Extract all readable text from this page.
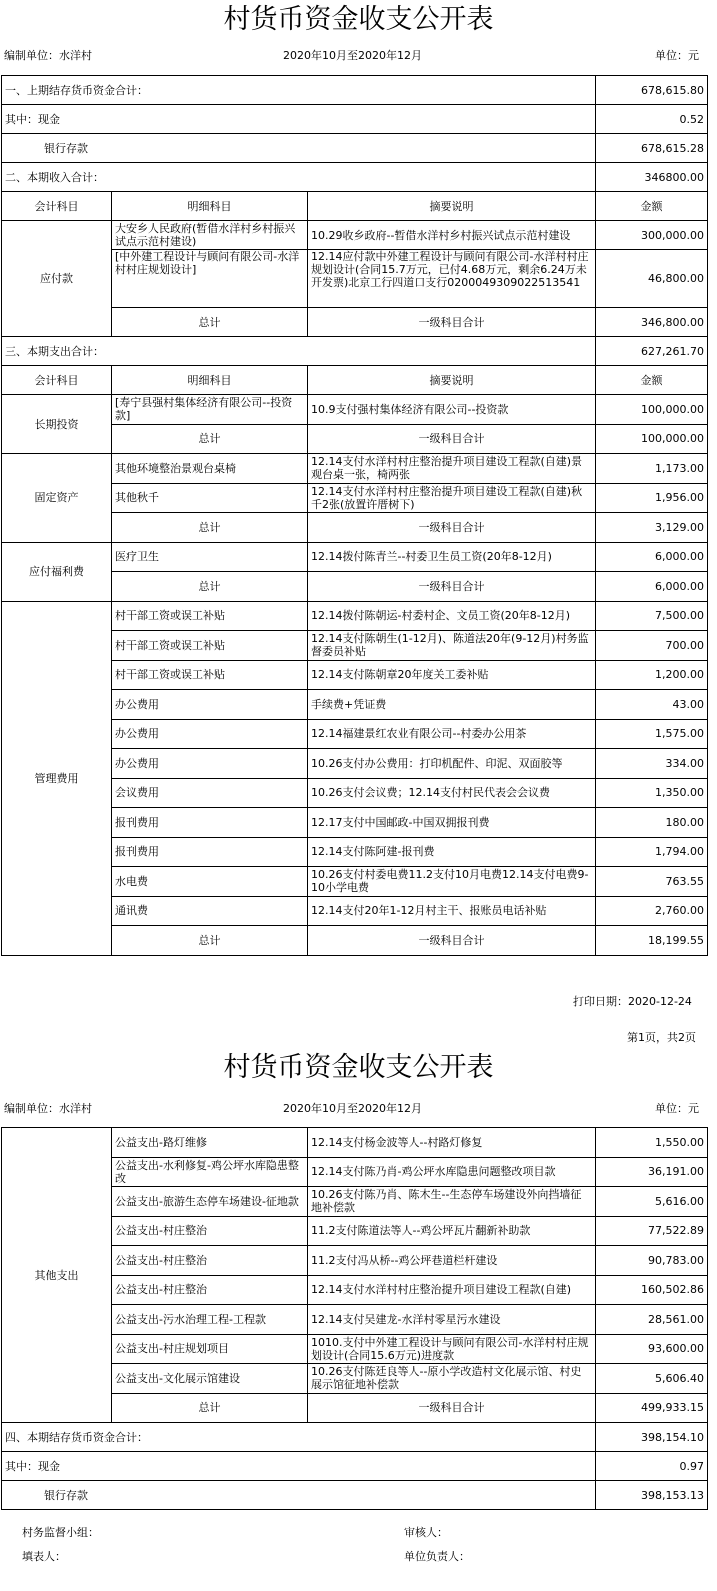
村货币资金收支公开表
编制单位：水洋村	2020年10月至2020年12月	单位：元
一、上期结存货币资金合计：			678,615.80
其中：现金			0.52
银行存款			678,615.28
二、本期收入合计：			346800.00
会计科目	明细科目	摘要说明	金额
应付款	大安乡人民政府(暂借水洋村乡村振兴试点示范村建设)	10.29收乡政府--暂借水洋村乡村振兴试点示范村建设	300,000.00

	[中外建工程设计与顾问有限公司-水洋村村庄规划设计]	12.14应付款中外建工程设计与顾问有限公司-水洋村村庄规划设计(合同15.7万元，已付4.68万元，剩余6.24万未开发票)北京工行四道口支行0200049309022513541	46,800.00
	总计	一级科目合计	346,800.00
三、本期支出合计：			627,261.70
会计科目	明细科目	摘要说明	金额
长期投资	[寿宁县强村集体经济有限公司--投资款]	10.9支付强村集体经济有限公司--投资款	100,000.00
	总计	一级科目合计	100,000.00
固定资产	其他环境整治景观台桌椅	12.14支付水洋村村庄整治提升项目建设工程款(自建)景观台桌一张，椅两张	1,173.00
	其他秋千	12.14支付水洋村村庄整治提升项目建设工程款(自建)秋千2张(放置许厝树下)	1,956.00
	总计	一级科目合计	3,129.00
应付福利费	医疗卫生	12.14拨付陈青兰--村委卫生员工资(20年8-12月)	6,000.00
	总计	一级科目合计	6,000.00
管理费用	村干部工资或误工补贴	12.14拨付陈朝运-村委村企、文员工资(20年8-12月)	7,500.00
	村干部工资或误工补贴	12.14支付陈朝生(1-12月)、陈道法20年(9-12月)村务监督委员补贴	700.00
	村干部工资或误工补贴	12.14支付陈朝章20年度关工委补贴	1,200.00
	办公费用	手续费+凭证费	43.00
	办公费用	12.14福建景红农业有限公司--村委办公用茶	1,575.00
	办公费用	10.26支付办公费用：打印机配件、印泥、双面胶等	334.00
	会议费用	10.26支付会议费；12.14支付村民代表会会议费	1,350.00
	报刊费用	12.17支付中国邮政-中国双拥报刊费	180.00
	报刊费用	12.14支付陈阿建-报刊费	1,794.00
	水电费	10.26支付村委电费11.2支付10月电费12.14支付电费9-10小学电费	763.55
	通讯费	12.14支付20年1-12月村主干、报账员电话补贴	2,760.00
	总计	一级科目合计	18,199.55
打印日期：2020-12-24
第1页，共2页
村货币资金收支公开表
编制单位：水洋村	2020年10月至2020年12月	单位：元
其他支出	公益支出-路灯维修	12.14支付杨金波等人--村路灯修复	1,550.00
	公益支出-水利修复-鸡公坪水库隐患整改	12.14支付陈乃肖-鸡公坪水库隐患问题整改项目款	36,191.00
	公益支出-旅游生态停车场建设-征地款	10.26支付陈乃肖、陈木生--生态停车场建设外向挡墙征地补偿款	5,616.00
	公益支出-村庄整治	11.2支付陈道法等人--鸡公坪瓦片翻新补助款	77,522.89
	公益支出-村庄整治	11.2支付冯从桥--鸡公坪巷道栏杆建设	90,783.00
	公益支出-村庄整治	12.14支付水洋村村庄整治提升项目建设工程款(自建)	160,502.86
	公益支出-污水治理工程-工程款	12.14支付吴建龙-水洋村零星污水建设	28,561.00
	公益支出-村庄规划项目	1010.支付中外建工程设计与顾问有限公司-水洋村村庄规划设计(合同15.6万元)进度款	93,600.00
	公益支出-文化展示馆建设	10.26支付陈廷良等人--原小学改造村文化展示馆、村史展示馆征地补偿款	5,606.40
	总计	一级科目合计	499,933.15
四、本期结存货币资金合计：			398,154.10
其中：现金			0.97
银行存款			398,153.13
村务监督小组：	审核人：
填表人：	单位负责人：
